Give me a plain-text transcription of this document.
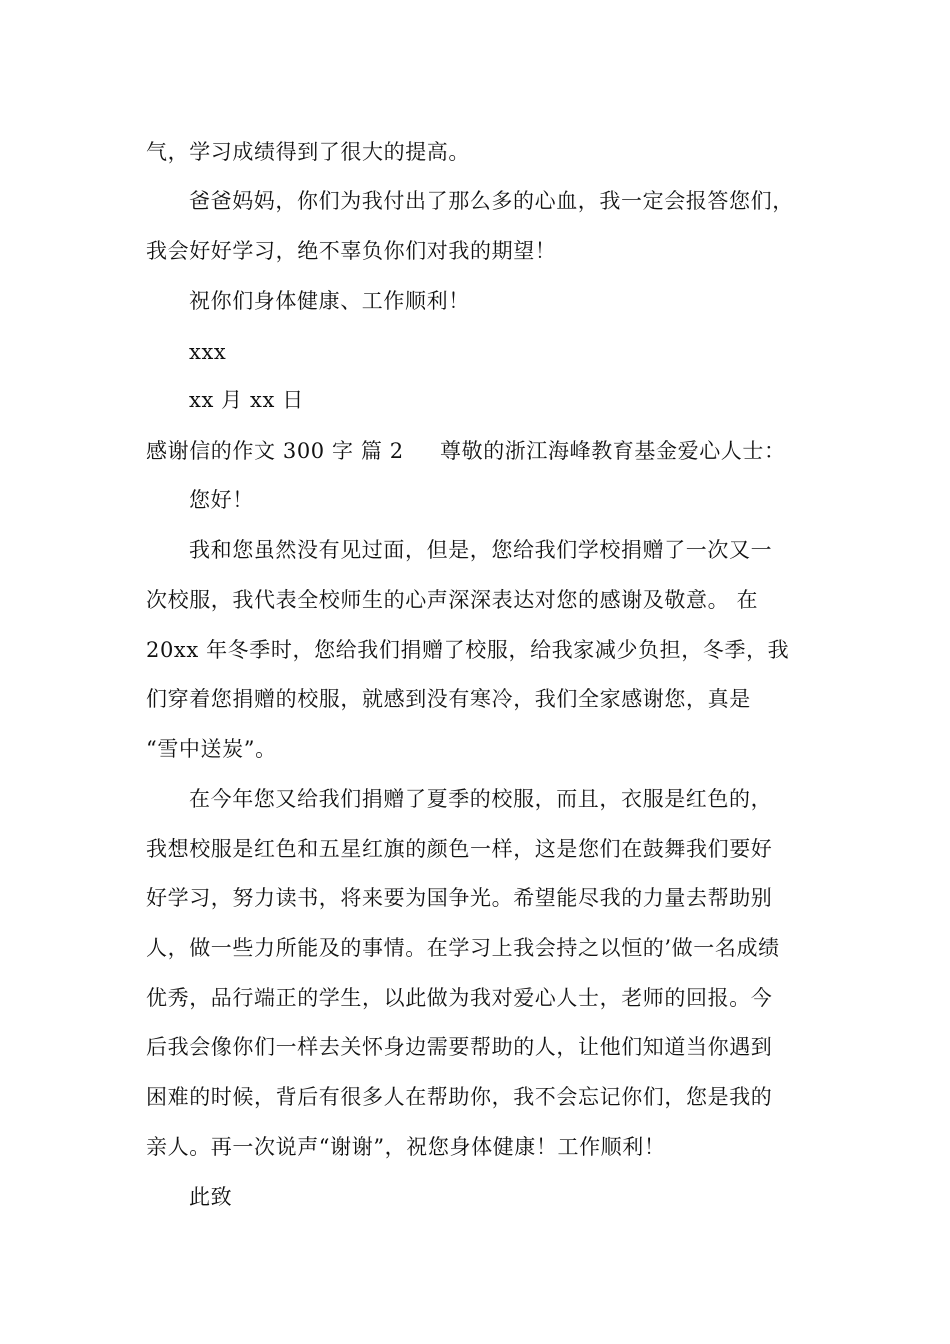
气，学习成绩得到了很大的提高。
爸爸妈妈，你们为我付出了那么多的心血，我一定会报答您们，
我会好好学习，绝不辜负你们对我的期望！
祝你们身体健康、工作顺利！
xxx
xx 月 xx 日
感谢信的作文 300 字 篇 2 尊敬的浙江海峰教育基金爱心人士：
您好！
我和您虽然没有见过面，但是，您给我们学校捐赠了一次又一
次校服，我代表全校师生的心声深深表达对您的感谢及敬意。 在
20xx 年冬季时，您给我们捐赠了校服，给我家减少负担，冬季，我
们穿着您捐赠的校服，就感到没有寒冷，我们全家感谢您，真是
“雪中送炭”。
在今年您又给我们捐赠了夏季的校服，而且，衣服是红色的，
我想校服是红色和五星红旗的颜色一样，这是您们在鼓舞我们要好
好学习，努力读书，将来要为国争光。希望能尽我的力量去帮助别
人，做一些力所能及的事情。在学习上我会持之以恒的’做一名成绩
优秀，品行端正的学生，以此做为我对爱心人士，老师的回报。今
后我会像你们一样去关怀身边需要帮助的人，让他们知道当你遇到
困难的时候，背后有很多人在帮助你，我不会忘记你们，您是我的
亲人。再一次说声“谢谢”，祝您身体健康！工作顺利！
此致
